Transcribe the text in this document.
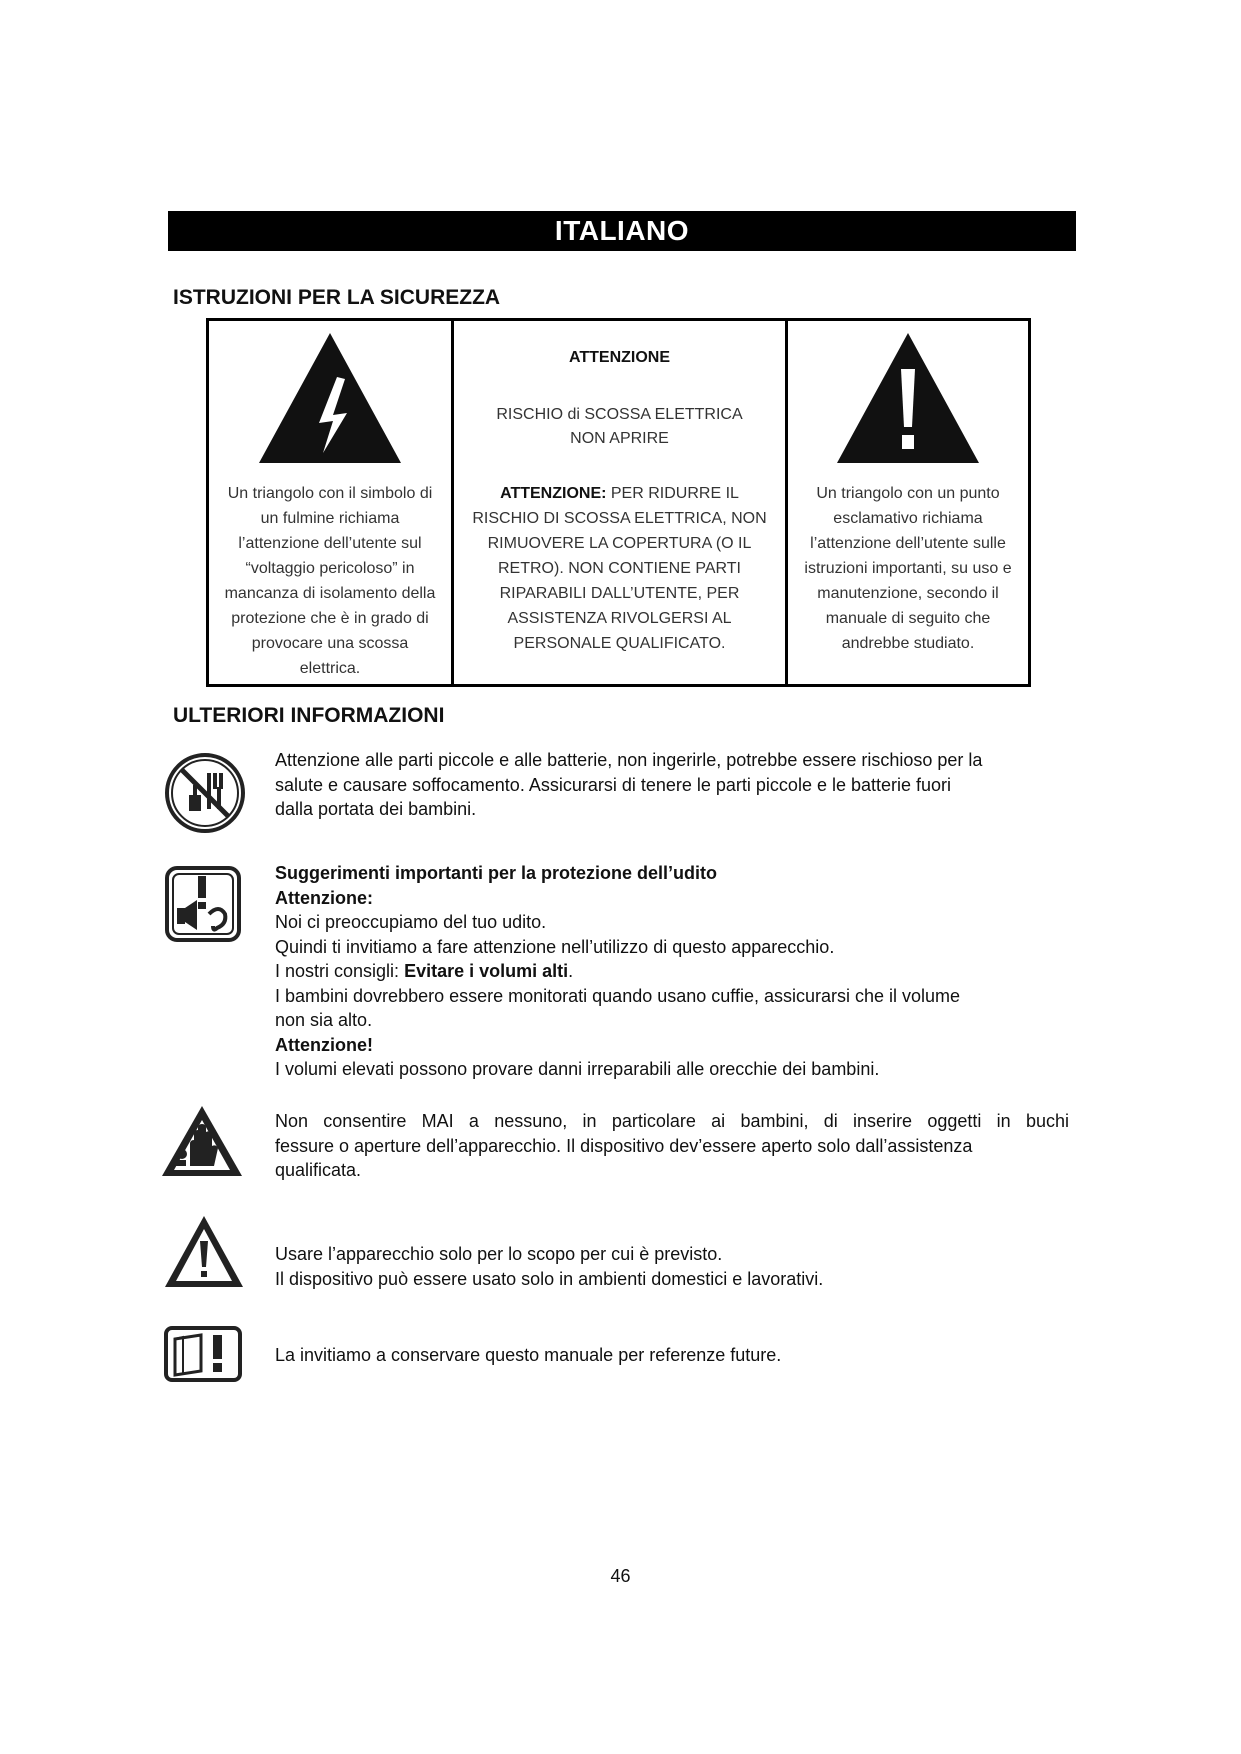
ITALIANO
ISTRUZIONI PER LA SICUREZZA
Un triangolo con il simbolo di
un fulmine richiama
l’attenzione dell’utente sul
“voltaggio pericoloso” in
mancanza di isolamento della
protezione che è in grado di
provocare una scossa
elettrica.
ATTENZIONE
RISCHIO di SCOSSA ELETTRICA
NON APRIRE
ATTENZIONE: PER RIDURRE IL
RISCHIO DI SCOSSA ELETTRICA, NON
RIMUOVERE LA COPERTURA (O IL
RETRO). NON CONTIENE PARTI
RIPARABILI DALL’UTENTE, PER
ASSISTENZA RIVOLGERSI AL
PERSONALE QUALIFICATO.
Un triangolo con un punto
esclamativo richiama
l’attenzione dell’utente sulle
istruzioni importanti, su uso e
manutenzione, secondo il
manuale di seguito che
andrebbe studiato.
ULTERIORI INFORMAZIONI
Attenzione alle parti piccole e alle batterie, non ingerirle, potrebbe essere rischioso per la
salute e causare soffocamento. Assicurarsi di tenere le parti piccole e le batterie fuori
dalla portata dei bambini.
Suggerimenti importanti per la protezione dell’udito
Attenzione:
Noi ci preoccupiamo del tuo udito.
Quindi ti invitiamo a fare attenzione nell’utilizzo di questo apparecchio.
I nostri consigli: Evitare i volumi alti.
I bambini dovrebbero essere monitorati quando usano cuffie, assicurarsi che il volume
non sia alto.
Attenzione!
I volumi elevati possono provare danni irreparabili alle orecchie dei bambini.
Non consentire MAI a nessuno, in particolare ai bambini, di inserire oggetti in buchi
fessure o aperture dell’apparecchio. Il dispositivo dev’essere aperto solo dall’assistenza
qualificata.
Usare l’apparecchio solo per lo scopo per cui è previsto.
Il dispositivo può essere usato solo in ambienti domestici e lavorativi.
La invitiamo a conservare questo manuale per referenze future.
46
